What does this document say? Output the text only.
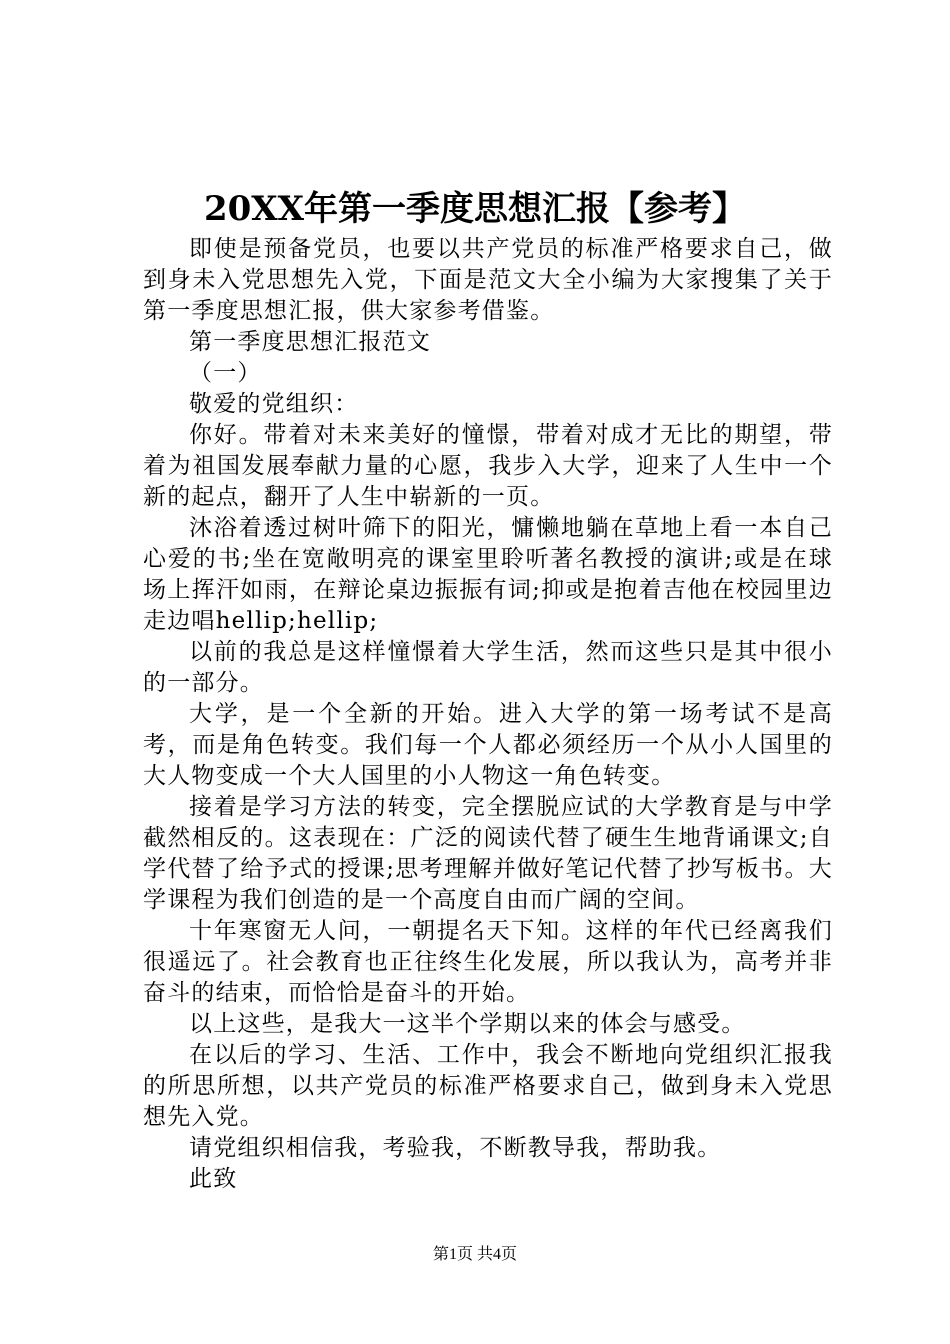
20XX年第一季度思想汇报【参考】

即使是预备党员，也要以共产党员的标准严格要求自己，做到身未入党思想先入党，下面是范文大全小编为大家搜集了关于第一季度思想汇报，供大家参考借鉴。

第一季度思想汇报范文

（一）

敬爱的党组织：

你好。带着对未来美好的憧憬，带着对成才无比的期望，带着为祖国发展奉献力量的心愿，我步入大学，迎来了人生中一个新的起点，翻开了人生中崭新的一页。

沐浴着透过树叶筛下的阳光，慵懒地躺在草地上看一本自己心爱的书;坐在宽敞明亮的课室里聆听著名教授的演讲;或是在球场上挥汗如雨，在辩论桌边振振有词;抑或是抱着吉他在校园里边走边唱hellip;hellip;

以前的我总是这样憧憬着大学生活，然而这些只是其中很小的一部分。

大学，是一个全新的开始。进入大学的第一场考试不是高考，而是角色转变。我们每一个人都必须经历一个从小人国里的大人物变成一个大人国里的小人物这一角色转变。

接着是学习方法的转变，完全摆脱应试的大学教育是与中学截然相反的。这表现在：广泛的阅读代替了硬生生地背诵课文;自学代替了给予式的授课;思考理解并做好笔记代替了抄写板书。大学课程为我们创造的是一个高度自由而广阔的空间。

十年寒窗无人问，一朝提名天下知。这样的年代已经离我们很遥远了。社会教育也正往终生化发展，所以我认为，高考并非奋斗的结束，而恰恰是奋斗的开始。

以上这些，是我大一这半个学期以来的体会与感受。

在以后的学习、生活、工作中，我会不断地向党组织汇报我的所思所想，以共产党员的标准严格要求自己，做到身未入党思想先入党。

请党组织相信我，考验我，不断教导我，帮助我。

此致

第1页 共4页
